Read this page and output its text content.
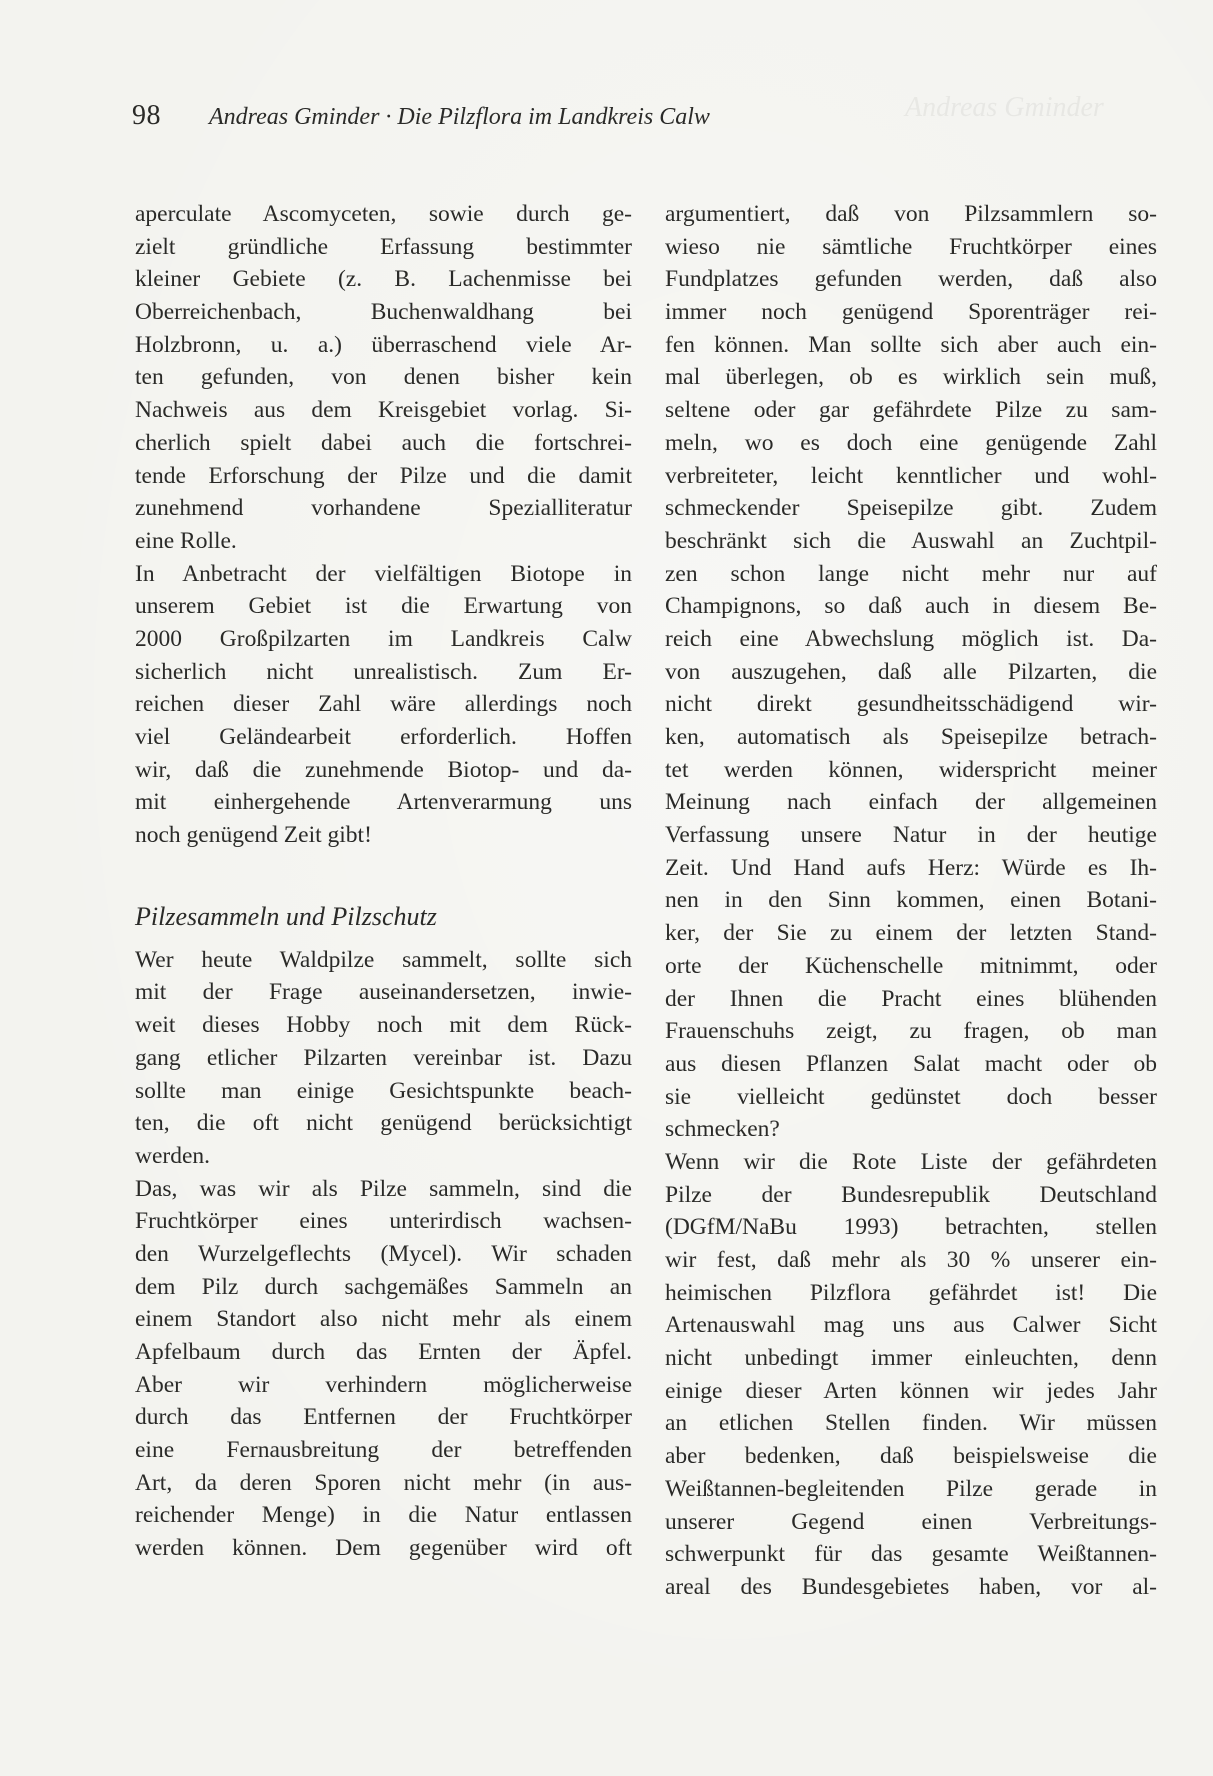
Andreas Gminder
98 Andreas Gminder · Die Pilzflora im Landkreis Calw
aperculate Ascomyceten, sowie durch ge-
zielt gründliche Erfassung bestimmter
kleiner Gebiete (z. B. Lachenmisse bei
Oberreichenbach, Buchenwaldhang bei
Holzbronn, u. a.) überraschend viele Ar-
ten gefunden, von denen bisher kein
Nachweis aus dem Kreisgebiet vorlag. Si-
cherlich spielt dabei auch die fortschrei-
tende Erforschung der Pilze und die damit
zunehmend vorhandene Spezialliteratur
eine Rolle.
In Anbetracht der vielfältigen Biotope in
unserem Gebiet ist die Erwartung von
2000 Großpilzarten im Landkreis Calw
sicherlich nicht unrealistisch. Zum Er-
reichen dieser Zahl wäre allerdings noch
viel Geländearbeit erforderlich. Hoffen
wir, daß die zunehmende Biotop- und da-
mit einhergehende Artenverarmung uns
noch genügend Zeit gibt!
Pilzesammeln und Pilzschutz
Wer heute Waldpilze sammelt, sollte sich
mit der Frage auseinandersetzen, inwie-
weit dieses Hobby noch mit dem Rück-
gang etlicher Pilzarten vereinbar ist. Dazu
sollte man einige Gesichtspunkte beach-
ten, die oft nicht genügend berücksichtigt
werden.
Das, was wir als Pilze sammeln, sind die
Fruchtkörper eines unterirdisch wachsen-
den Wurzelgeflechts (Mycel). Wir schaden
dem Pilz durch sachgemäßes Sammeln an
einem Standort also nicht mehr als einem
Apfelbaum durch das Ernten der Äpfel.
Aber wir verhindern möglicherweise
durch das Entfernen der Fruchtkörper
eine Fernausbreitung der betreffenden
Art, da deren Sporen nicht mehr (in aus-
reichender Menge) in die Natur entlassen
werden können. Dem gegenüber wird oft
argumentiert, daß von Pilzsammlern so-
wieso nie sämtliche Fruchtkörper eines
Fundplatzes gefunden werden, daß also
immer noch genügend Sporenträger rei-
fen können. Man sollte sich aber auch ein-
mal überlegen, ob es wirklich sein muß,
seltene oder gar gefährdete Pilze zu sam-
meln, wo es doch eine genügende Zahl
verbreiteter, leicht kenntlicher und wohl-
schmeckender Speisepilze gibt. Zudem
beschränkt sich die Auswahl an Zuchtpil-
zen schon lange nicht mehr nur auf
Champignons, so daß auch in diesem Be-
reich eine Abwechslung möglich ist. Da-
von auszugehen, daß alle Pilzarten, die
nicht direkt gesundheitsschädigend wir-
ken, automatisch als Speisepilze betrach-
tet werden können, widerspricht meiner
Meinung nach einfach der allgemeinen
Verfassung unsere Natur in der heutige
Zeit. Und Hand aufs Herz: Würde es Ih-
nen in den Sinn kommen, einen Botani-
ker, der Sie zu einem der letzten Stand-
orte der Küchenschelle mitnimmt, oder
der Ihnen die Pracht eines blühenden
Frauenschuhs zeigt, zu fragen, ob man
aus diesen Pflanzen Salat macht oder ob
sie vielleicht gedünstet doch besser
schmecken?
Wenn wir die Rote Liste der gefährdeten
Pilze der Bundesrepublik Deutschland
(DGfM/NaBu 1993) betrachten, stellen
wir fest, daß mehr als 30 % unserer ein-
heimischen Pilzflora gefährdet ist! Die
Artenauswahl mag uns aus Calwer Sicht
nicht unbedingt immer einleuchten, denn
einige dieser Arten können wir jedes Jahr
an etlichen Stellen finden. Wir müssen
aber bedenken, daß beispielsweise die
Weißtannen-begleitenden Pilze gerade in
unserer Gegend einen Verbreitungs-
schwerpunkt für das gesamte Weißtannen-
areal des Bundesgebietes haben, vor al-
